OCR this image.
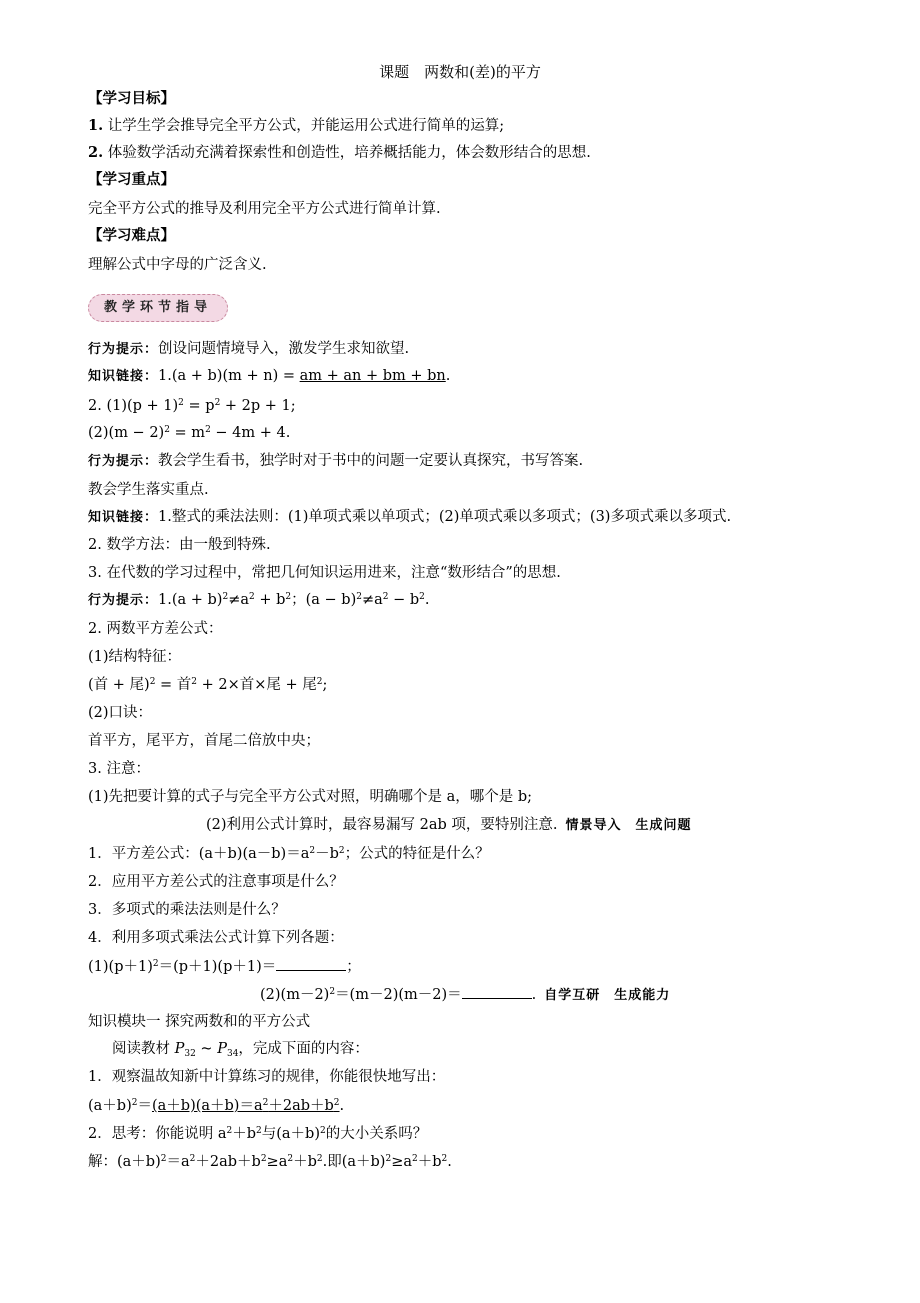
课题　两数和(差)的平方
【学习目标】
1. 让学生学会推导完全平方公式，并能运用公式进行简单的运算;
2. 体验数学活动充满着探索性和创造性，培养概括能力，体会数形结合的思想.
【学习重点】
完全平方公式的推导及利用完全平方公式进行简单计算.
【学习难点】
理解公式中字母的广泛含义.
教学环节指导
行为提示：创设问题情境导入，激发学生求知欲望.
知识链接：1.(a + b)(m + n) = am + an + bm + bn.
2. $(1)(p + 1)^2 = p^2 + 2p + 1$;
$(2)(m - 2)^2 = m^2 - 4m + 4$.
行为提示：教会学生看书，独学时对于书中的问题一定要认真探究，书写答案.
教会学生落实重点.
知识链接：1.整式的乘法法则：(1)单项式乘以单项式；(2)单项式乘以多项式；(3)多项式乘以多项式.
2. 数学方法：由一般到特殊.
3. 在代数的学习过程中，常把几何知识运用进来，注意“数形结合”的思想.
行为提示：$1.(a + b)^2\ne a^2 + b^2$；$(a - b)^2\ne a^2 - b^2$.
2. 两数平方差公式：
(1)结构特征：
(首 + 尾)$^2$ = 首$^2$ + 2×首×尾 + 尾$^2$;
(2)口诀：
首平方，尾平方，首尾二倍放中央；
3. 注意：
(1)先把要计算的式子与完全平方公式对照，明确哪个是 a，哪个是 b;
(2)利用公式计算时，最容易漏写 2ab 项，要特别注意. 情景导入　生成问题
1．平方差公式：$(a+b)(a-b)=a^2-b^2$；公式的特征是什么？
2．应用平方差公式的注意事项是什么？
3．多项式的乘法法则是什么？
4．利用多项式乘法公式计算下列各题：
$(1)(p+1)^2=(p+1)(p+1)=$	；
$(2)(m-2)^2=(m-2)(m-2)=$	. 自学互研　生成能力
知识模块一 探究两数和的平方公式
阅读教材 $P_{32}$ ~ $P_{34}$，完成下面的内容：
1．观察温故知新中计算练习的规律，你能很快地写出：
$(a+b)^2=(a+b)(a+b)=a^2+2ab+b^2$.
2．思考：你能说明 $a^2+b^2$与$(a+b)^2$的大小关系吗？
解：$(a+b)^2=a^2+2ab+b^2\ge a^2+b^2$.即$(a+b)^2\ge a^2+b^2$.
